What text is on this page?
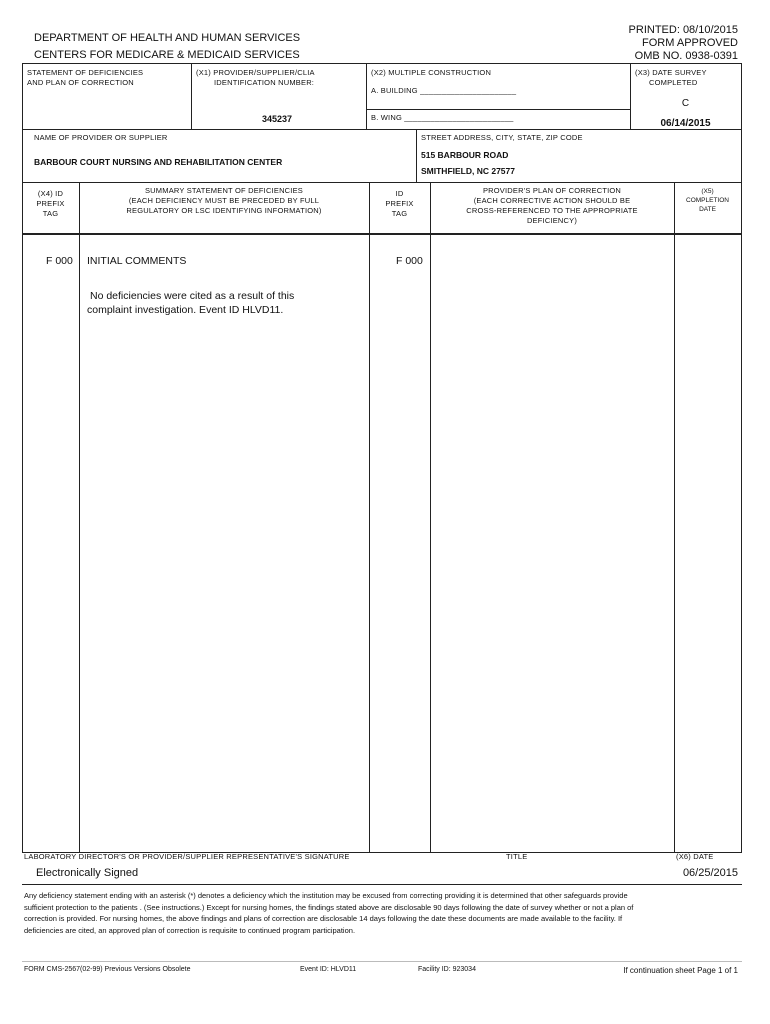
DEPARTMENT OF HEALTH AND HUMAN SERVICES
CENTERS FOR MEDICARE & MEDICAID SERVICES
PRINTED: 08/10/2015
FORM APPROVED
OMB NO. 0938-0391
STATEMENT OF DEFICIENCIES
AND PLAN OF CORRECTION
(X1) PROVIDER/SUPPLIER/CLIA
IDENTIFICATION NUMBER:
345237
(X2) MULTIPLE CONSTRUCTION
A. BUILDING ______________________
B. WING _________________________
(X3) DATE SURVEY
COMPLETED
C
06/14/2015
NAME OF PROVIDER OR SUPPLIER
BARBOUR COURT NURSING AND REHABILITATION CENTER
STREET ADDRESS, CITY, STATE, ZIP CODE
515 BARBOUR ROAD
SMITHFIELD, NC 27577
(X4) ID
PREFIX
TAG
SUMMARY STATEMENT OF DEFICIENCIES
(EACH DEFICIENCY MUST BE PRECEDED BY FULL
REGULATORY OR LSC IDENTIFYING INFORMATION)
ID
PREFIX
TAG
PROVIDER'S PLAN OF CORRECTION
(EACH CORRECTIVE ACTION SHOULD BE
CROSS-REFERENCED TO THE APPROPRIATE
DEFICIENCY)
(X5)
COMPLETION
DATE
F 000 INITIAL COMMENTS	F 000
No deficiencies were cited as a result of this
complaint investigation. Event ID HLVD11.
LABORATORY DIRECTOR'S OR PROVIDER/SUPPLIER REPRESENTATIVE'S SIGNATURE	TITLE	(X6) DATE
Electronically Signed	06/25/2015
Any deficiency statement ending with an asterisk (*) denotes a deficiency which the institution may be excused from correcting providing it is determined that other safeguards provide sufficient protection to the patients . (See instructions.) Except for nursing homes, the findings stated above are disclosable 90 days following the date of survey whether or not a plan of correction is provided. For nursing homes, the above findings and plans of correction are disclosable 14 days following the date these documents are made available to the facility. If deficiencies are cited, an approved plan of correction is requisite to continued program participation.
FORM CMS-2567(02-99) Previous Versions Obsolete	Event ID: HLVD11	Facility ID: 923034	If continuation sheet Page 1 of 1
